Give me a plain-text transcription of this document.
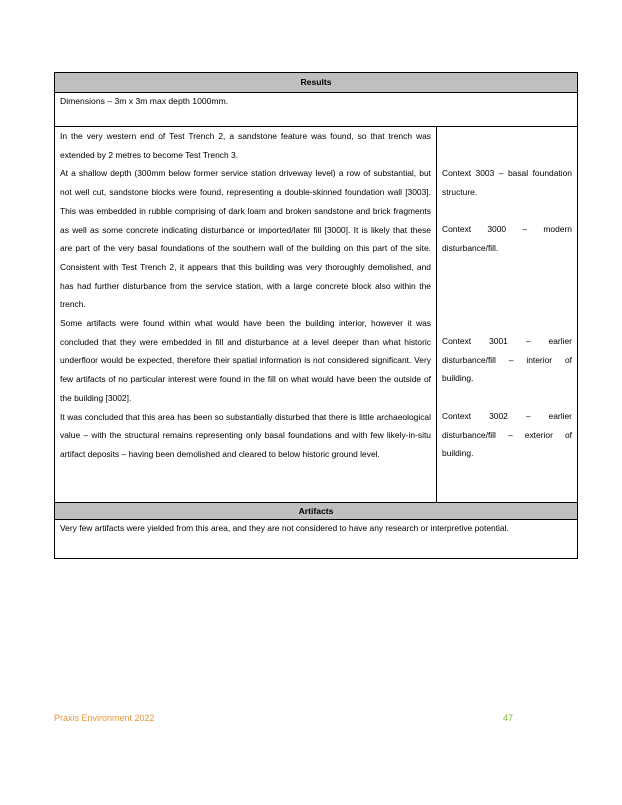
Results
Dimensions – 3m x 3m max depth 1000mm.

In the very western end of Test Trench 2, a sandstone feature was found, so that trench was extended by 2 metres to become Test Trench 3.

At a shallow depth (300mm below former service station driveway level) a row of substantial, but not well cut, sandstone blocks were found, representing a double-skinned foundation wall [3003]. This was embedded in rubble comprising of dark loam and broken sandstone and brick fragments as well as some concrete indicating disturbance or imported/later fill [3000]. It is likely that these are part of the very basal foundations of the southern wall of the building on this part of the site. Consistent with Test Trench 2, it appears that this building was very thoroughly demolished, and has had further disturbance from the service station, with a large concrete block also within the trench.

Some artifacts were found within what would have been the building interior, however it was concluded that they were embedded in fill and disturbance at a level deeper than what historic underfloor would be expected, therefore their spatial information is not considered significant. Very few artifacts of no particular interest were found in the fill on what would have been the outside of the building [3002].

It was concluded that this area has been so substantially disturbed that there is little archaeological value – with the structural remains representing only basal foundations and with few likely-in-situ artifact deposits – having been demolished and cleared to below historic ground level.

Context 3003 – basal foundation structure.
Context 3000 – modern disturbance/fill.
Context 3001 – earlier disturbance/fill – interior of building.
Context 3002 – earlier disturbance/fill – exterior of building.
Artifacts
Very few artifacts were yielded from this area, and they are not considered to have any research or interpretive potential.
Praxis Environment 2022	47
